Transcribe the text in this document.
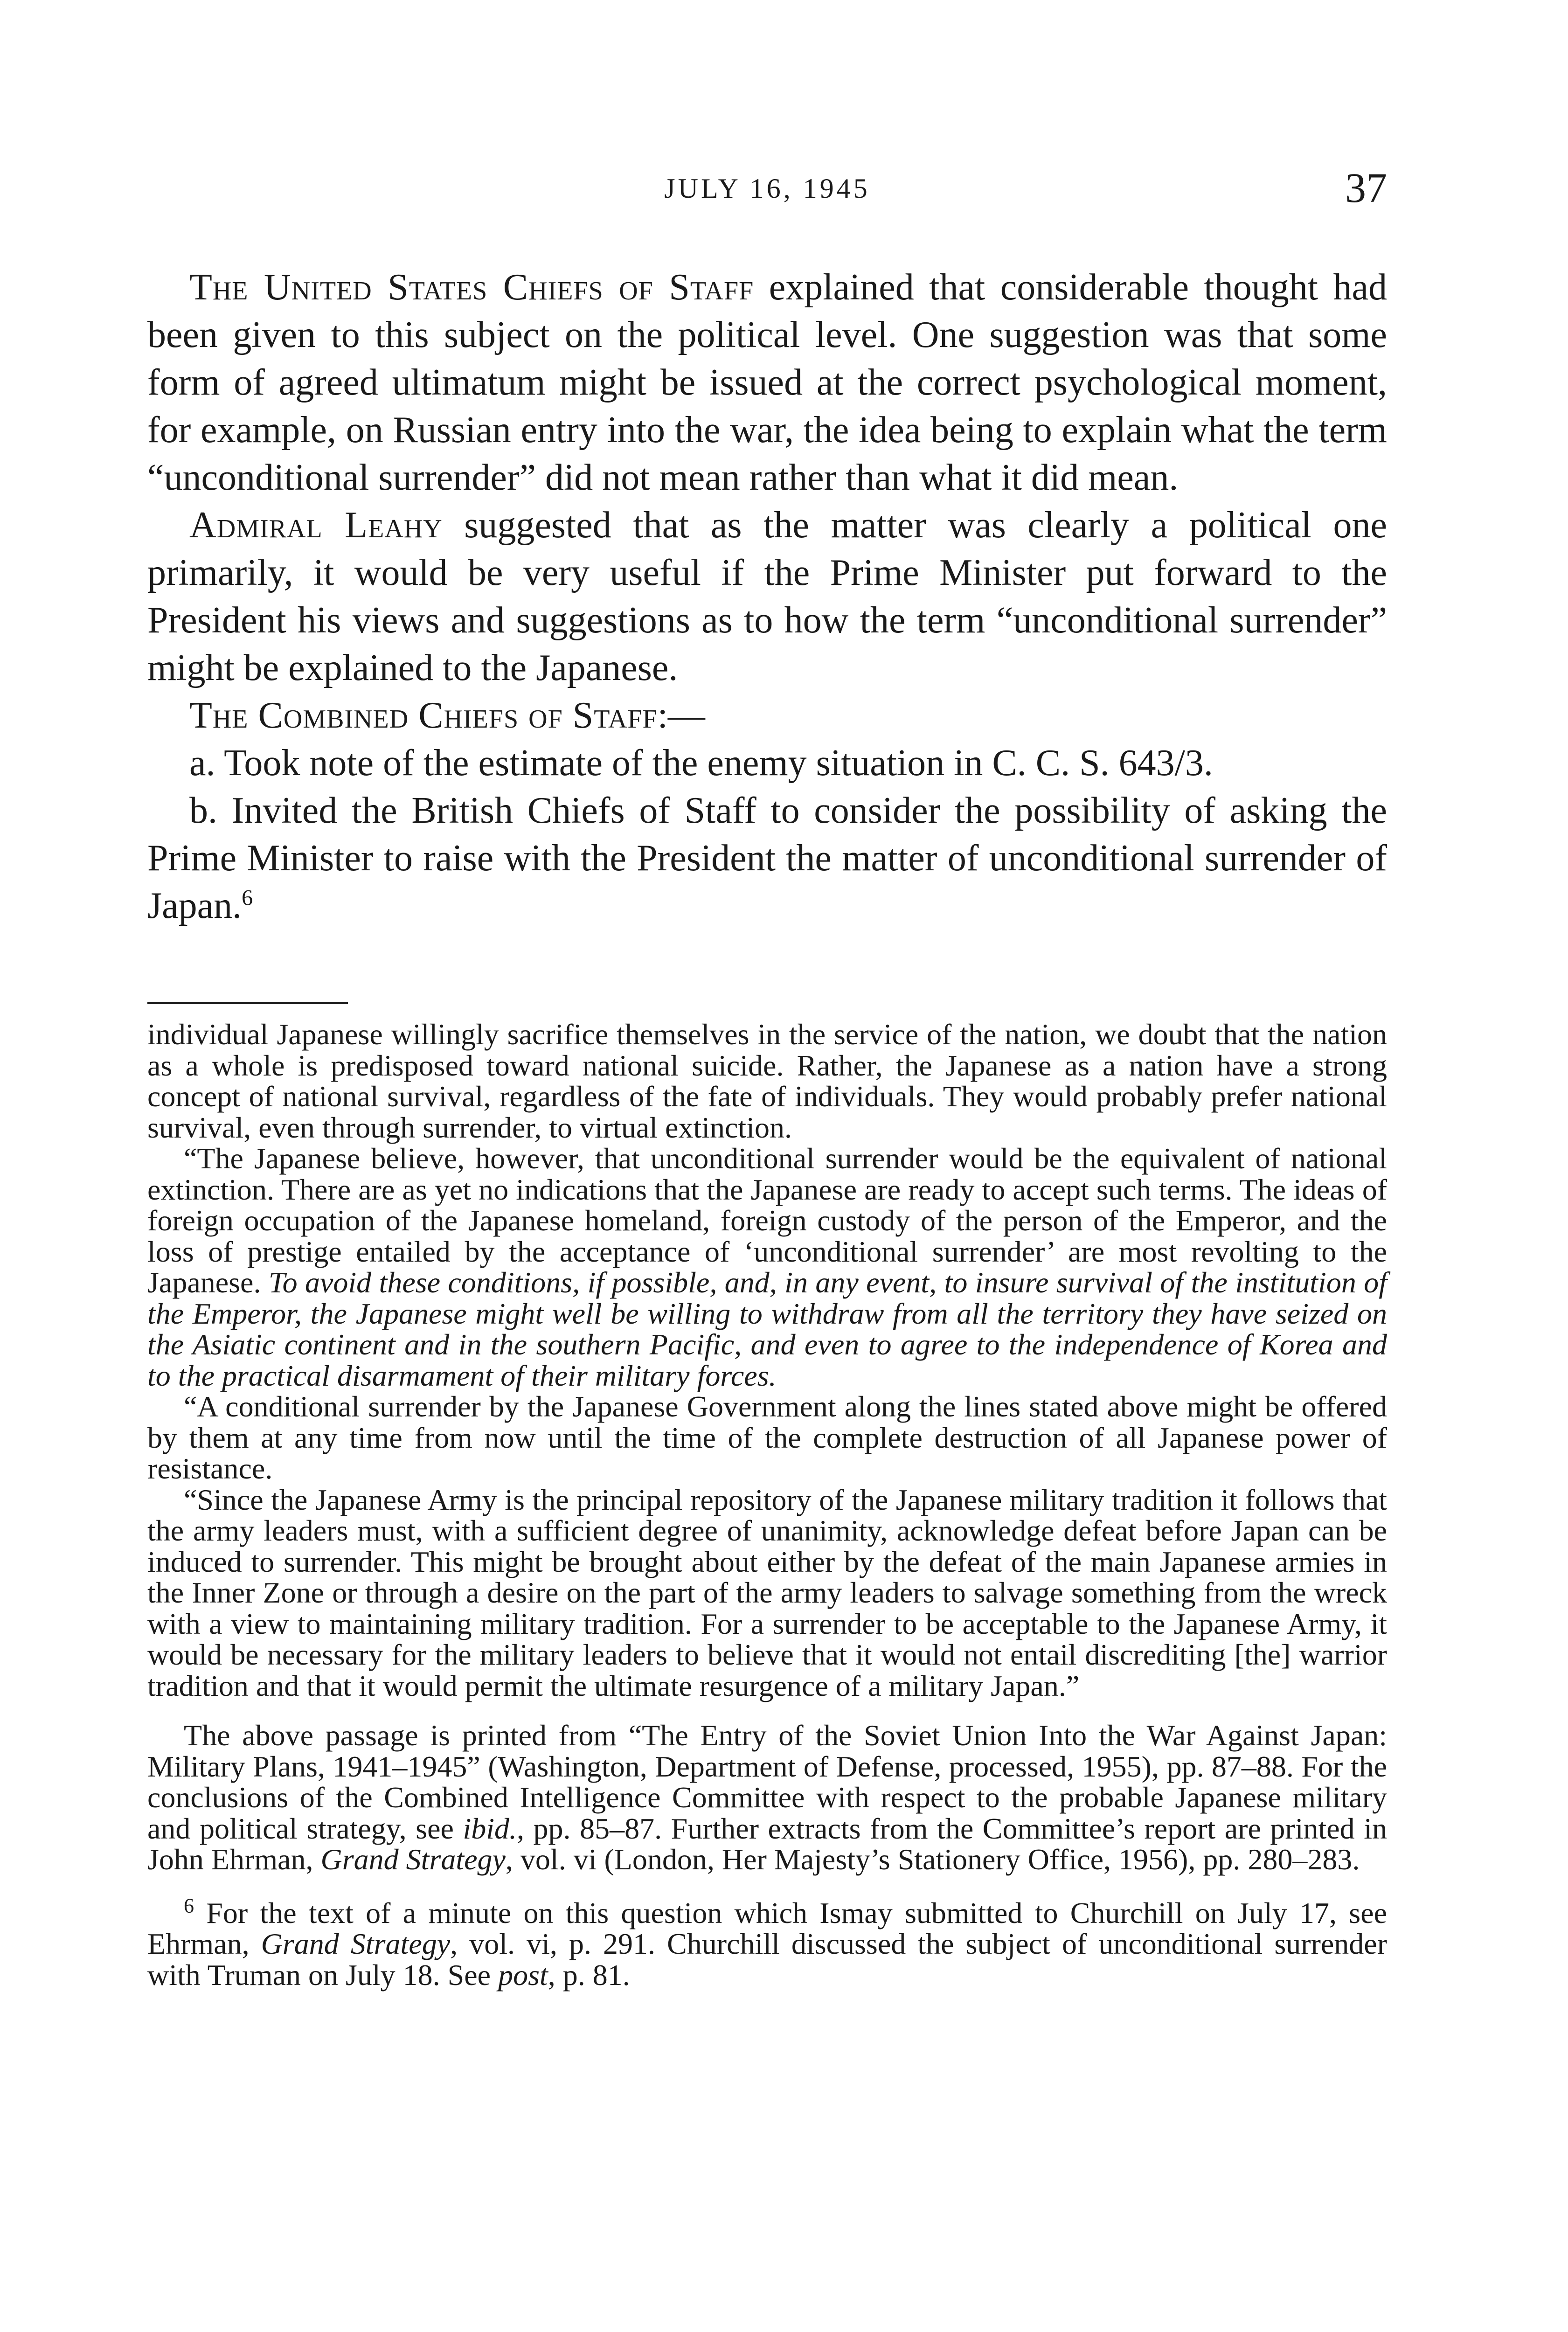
JULY 16, 1945	37

The United States Chiefs of Staff explained that considerable thought had been given to this subject on the political level. One suggestion was that some form of agreed ultimatum might be issued at the correct psychological moment, for example, on Russian entry into the war, the idea being to explain what the term “unconditional surrender” did not mean rather than what it did mean.

Admiral Leahy suggested that as the matter was clearly a political one primarily, it would be very useful if the Prime Minister put forward to the President his views and suggestions as to how the term “unconditional surrender” might be explained to the Japanese.

The Combined Chiefs of Staff:—

a. Took note of the estimate of the enemy situation in C. C. S. 643/3.

b. Invited the British Chiefs of Staff to consider the possibility of asking the Prime Minister to raise with the President the matter of unconditional surrender of Japan.$^6$

individual Japanese willingly sacrifice themselves in the service of the nation, we doubt that the nation as a whole is predisposed toward national suicide. Rather, the Japanese as a nation have a strong concept of national survival, regardless of the fate of individuals. They would probably prefer national survival, even through surrender, to virtual extinction.

“The Japanese believe, however, that unconditional surrender would be the equivalent of national extinction. There are as yet no indications that the Japanese are ready to accept such terms. The ideas of foreign occupation of the Japanese homeland, foreign custody of the person of the Emperor, and the loss of prestige entailed by the acceptance of ‘unconditional surrender’ are most revolting to the Japanese. To avoid these conditions, if possible, and, in any event, to insure survival of the institution of the Emperor, the Japanese might well be willing to withdraw from all the territory they have seized on the Asiatic continent and in the southern Pacific, and even to agree to the independence of Korea and to the practical disarmament of their military forces.

“A conditional surrender by the Japanese Government along the lines stated above might be offered by them at any time from now until the time of the complete destruction of all Japanese power of resistance.

“Since the Japanese Army is the principal repository of the Japanese military tradition it follows that the army leaders must, with a sufficient degree of unanimity, acknowledge defeat before Japan can be induced to surrender. This might be brought about either by the defeat of the main Japanese armies in the Inner Zone or through a desire on the part of the army leaders to salvage something from the wreck with a view to maintaining military tradition. For a surrender to be acceptable to the Japanese Army, it would be necessary for the military leaders to believe that it would not entail discrediting [the] warrior tradition and that it would permit the ultimate resurgence of a military Japan.”

The above passage is printed from “The Entry of the Soviet Union Into the War Against Japan: Military Plans, 1941–1945” (Washington, Department of Defense, processed, 1955), pp. 87–88. For the conclusions of the Combined Intelligence Committee with respect to the probable Japanese military and political strategy, see ibid., pp. 85–87. Further extracts from the Committee’s report are printed in John Ehrman, Grand Strategy, vol. vi (London, Her Majesty’s Stationery Office, 1956), pp. 280–283.

$^6$ For the text of a minute on this question which Ismay submitted to Churchill on July 17, see Ehrman, Grand Strategy, vol. vi, p. 291. Churchill discussed the subject of unconditional surrender with Truman on July 18. See post, p. 81.
